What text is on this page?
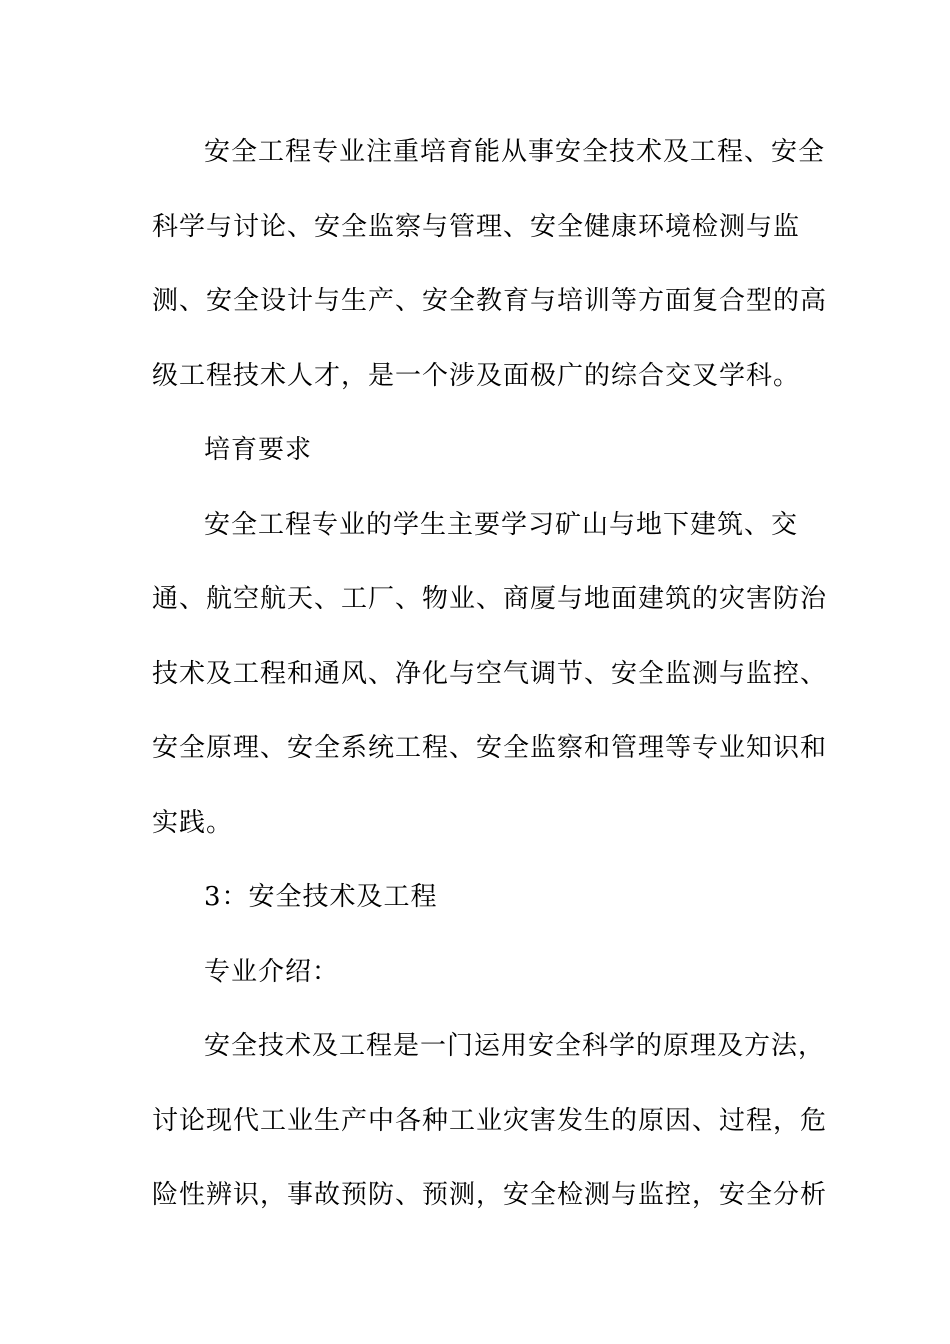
安全工程专业注重培育能从事安全技术及工程、安全
科学与讨论、安全监察与管理、安全健康环境检测与监
测、安全设计与生产、安全教育与培训等方面复合型的高
级工程技术人才，是一个涉及面极广的综合交叉学科。
培育要求
安全工程专业的学生主要学习矿山与地下建筑、交
通、航空航天、工厂、物业、商厦与地面建筑的灾害防治
技术及工程和通风、净化与空气调节、安全监测与监控、
安全原理、安全系统工程、安全监察和管理等专业知识和
实践。
3：安全技术及工程
专业介绍：
安全技术及工程是一门运用安全科学的原理及方法，
讨论现代工业生产中各种工业灾害发生的原因、过程，危
险性辨识，事故预防、预测，安全检测与监控，安全分析
